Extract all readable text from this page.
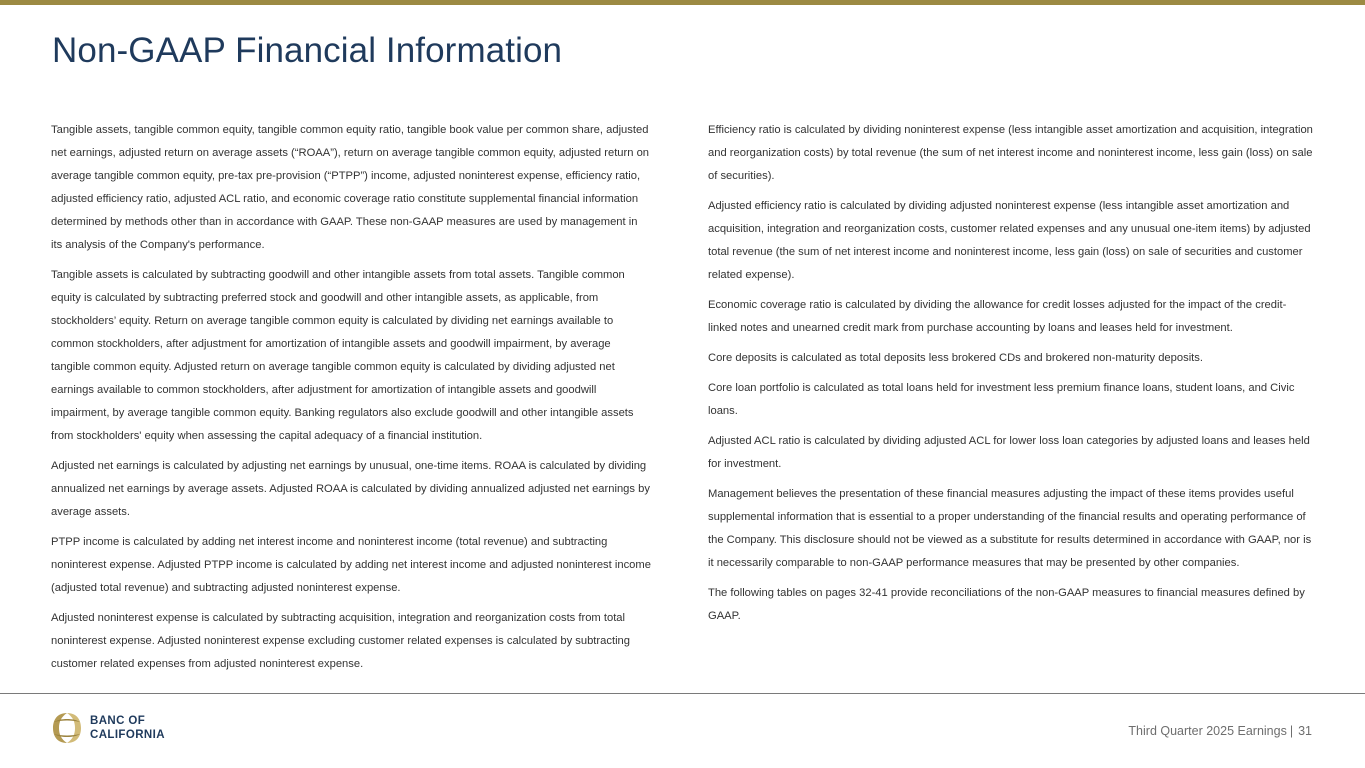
Non-GAAP Financial Information

Tangible assets, tangible common equity, tangible common equity ratio, tangible book value per common share, adjusted net earnings, adjusted return on average assets (“ROAA”), return on average tangible common equity, adjusted return on average tangible common equity, pre-tax pre-provision (“PTPP”) income, adjusted noninterest expense, efficiency ratio, adjusted efficiency ratio, adjusted ACL ratio, and economic coverage ratio constitute supplemental financial information determined by methods other than in accordance with GAAP. These non-GAAP measures are used by management in its analysis of the Company's performance.

Tangible assets is calculated by subtracting goodwill and other intangible assets from total assets. Tangible common equity is calculated by subtracting preferred stock and goodwill and other intangible assets, as applicable, from stockholders’ equity. Return on average tangible common equity is calculated by dividing net earnings available to common stockholders, after adjustment for amortization of intangible assets and goodwill impairment, by average tangible common equity. Adjusted return on average tangible common equity is calculated by dividing adjusted net earnings available to common stockholders, after adjustment for amortization of intangible assets and goodwill impairment, by average tangible common equity. Banking regulators also exclude goodwill and other intangible assets from stockholders' equity when assessing the capital adequacy of a financial institution.

Adjusted net earnings is calculated by adjusting net earnings by unusual, one-time items. ROAA is calculated by dividing annualized net earnings by average assets. Adjusted ROAA is calculated by dividing annualized adjusted net earnings by average assets.

PTPP income is calculated by adding net interest income and noninterest income (total revenue) and subtracting noninterest expense. Adjusted PTPP income is calculated by adding net interest income and adjusted noninterest income (adjusted total revenue) and subtracting adjusted noninterest expense.

Adjusted noninterest expense is calculated by subtracting acquisition, integration and reorganization costs from total noninterest expense. Adjusted noninterest expense excluding customer related expenses is calculated by subtracting customer related expenses from adjusted noninterest expense.

Efficiency ratio is calculated by dividing noninterest expense (less intangible asset amortization and acquisition, integration and reorganization costs) by total revenue (the sum of net interest income and noninterest income, less gain (loss) on sale of securities).

Adjusted efficiency ratio is calculated by dividing adjusted noninterest expense (less intangible asset amortization and acquisition, integration and reorganization costs, customer related expenses and any unusual one-item items) by adjusted total revenue (the sum of net interest income and noninterest income, less gain (loss) on sale of securities and customer related expense).

Economic coverage ratio is calculated by dividing the allowance for credit losses adjusted for the impact of the credit-linked notes and unearned credit mark from purchase accounting by loans and leases held for investment.

Core deposits is calculated as total deposits less brokered CDs and brokered non-maturity deposits.

Core loan portfolio is calculated as total loans held for investment less premium finance loans, student loans, and Civic loans.

Adjusted ACL ratio is calculated by dividing adjusted ACL for lower loss loan categories by adjusted loans and leases held for investment.

Management believes the presentation of these financial measures adjusting the impact of these items provides useful supplemental information that is essential to a proper understanding of the financial results and operating performance of the Company. This disclosure should not be viewed as a substitute for results determined in accordance with GAAP, nor is it necessarily comparable to non-GAAP performance measures that may be presented by other companies.

The following tables on pages 32-41 provide reconciliations of the non-GAAP measures to financial measures defined by GAAP.

BANC OF
CALIFORNIA	Third Quarter 2025 Earnings | 31
